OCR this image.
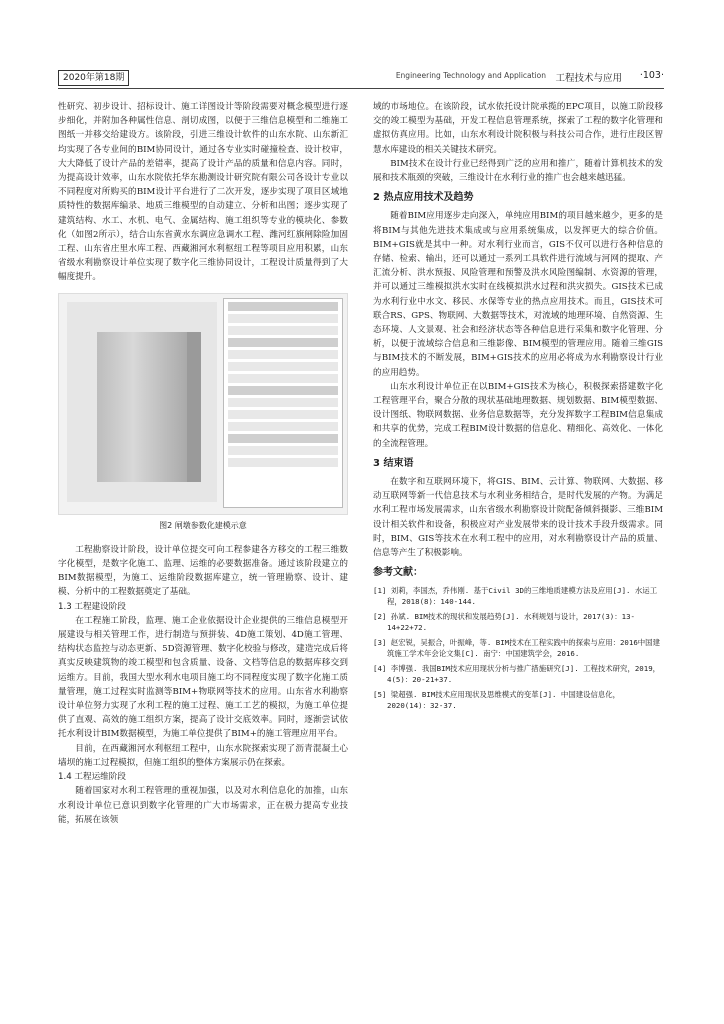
2020年第18期	Engineering Technology and Application 工程技术与应用 ·103·

性研究、初步设计、招标设计、施工详图设计等阶段需要对概念模型进行逐步细化，并附加各种属性信息、剖切成图，以便于三维信息模型和二维施工图纸一并移交给建设方。该阶段，引进三维设计软件的山东水院、山东新汇均实现了各专业间的BIM协同设计，通过各专业实时碰撞检查、设计校审，大大降低了设计产品的差错率，提高了设计产品的质量和信息内容。同时，为提高设计效率，山东水院依托华东勘测设计研究院有限公司各设计专业以不同程度对所购买的BIM设计平台进行了二次开发，逐步实现了项目区域地质特性的数据库编录、地质三维模型的自动建立、分析和出图；逐步实现了建筑结构、水工、水机、电气、金属结构、施工组织等专业的模块化、参数化（如图2所示），结合山东省黄水东调应急调水工程、潍河红旗闸除险加固工程、山东省庄里水库工程、西藏湘河水利枢纽工程等项目应用积累，山东省级水利勘察设计单位实现了数字化三维协同设计，工程设计质量得到了大幅度提升。

图2 闸墩参数化建模示意

工程勘察设计阶段，设计单位提交可向工程参建各方移交的工程三维数字化模型，是数字化施工、监理、运维的必要数据准备。通过该阶段建立的BIM数据模型，为施工、运维阶段数据库建立，统一管理勘察、设计、建模、分析中的工程数据奠定了基础。

1.3 工程建设阶段

在工程施工阶段，监理、施工企业依据设计企业提供的三维信息模型开展建设与相关管理工作，进行制造与预拼装、4D施工策划、4D施工管理、结构状态监控与动态更新、5D资源管理、数字化校验与修改，建造完成后将真实反映建筑物的竣工模型和包含质量、设备、文档等信息的数据库移交到运维方。目前，我国大型水利水电项目施工均不同程度实现了数字化施工质量管理，施工过程实时监测等BIM+物联网等技术的应用。山东省水利勘察设计单位努力实现了水利工程的施工过程、施工工艺的模拟，为施工单位提供了直观、高效的施工组织方案，提高了设计交底效率。同时，逐渐尝试依托水利设计BIM数据模型，为施工单位提供了BIM+的施工管理应用平台。

目前，在西藏湘河水利枢纽工程中，山东水院探索实现了沥青混凝土心墙坝的施工过程模拟，但施工组织的整体方案展示仍在探索。

1.4 工程运维阶段

随着国家对水利工程管理的重视加强，以及对水利信息化的加推，山东水利设计单位已意识到数字化管理的广大市场需求，正在极力提高专业技能，拓展在该领

域的市场地位。在该阶段，试水依托设计院承揽的EPC项目，以施工阶段移交的竣工模型为基础，开发工程信息管理系统，探索了工程的数字化管理和虚拟仿真应用。比如，山东水利设计院积极与科技公司合作，进行庄段区智慧水库建设的相关关键技术研究。

BIM技术在设计行业已经得到广泛的应用和推广，随着计算机技术的发展和技术瓶颈的突破，三维设计在水利行业的推广也会越来越迅猛。

2 热点应用技术及趋势

随着BIM应用逐步走向深入，单纯应用BIM的项目越来越少，更多的是将BIM与其他先进技术集成或与应用系统集成，以发挥更大的综合价值。BIM+GIS就是其中一种。对水利行业而言，GIS不仅可以进行各种信息的存储、检索、输出，还可以通过一系列工具软件进行流域与河网的提取、产汇流分析、洪水预报、风险管理和预警及洪水风险图编制、水资源的管理，并可以通过三维模拟洪水实时在线模拟洪水过程和洪灾损失。GIS技术已成为水利行业中水文、移民、水保等专业的热点应用技术。而且，GIS技术可联合RS、GPS、物联网、大数据等技术，对流域的地理环境、自然资源、生态环境、人文景观、社会和经济状态等各种信息进行采集和数字化管理、分析，以便于流域综合信息和三维影像、BIM模型的管理应用。随着三维GIS与BIM技术的不断发展，BIM+GIS技术的应用必将成为水利勘察设计行业的应用趋势。

山东水利设计单位正在以BIM+GIS技术为核心，积极探索搭建数字化工程管理平台，聚合分散的现状基础地理数据、规划数据、BIM模型数据、设计图纸、物联网数据、业务信息数据等，充分发挥数字工程BIM信息集成和共享的优势，完成工程BIM设计数据的信息化、精细化、高效化、一体化的全流程管理。

3 结束语

在数字和互联网环境下，将GIS、BIM、云计算、物联网、大数据、移动互联网等新一代信息技术与水利业务相结合，是时代发展的产物。为满足水利工程市场发展需求，山东省级水利勘察设计院配备倾斜摄影、三维BIM设计相关软件和设备，积极应对产业发展带来的设计技术手段升级需求。同时，BIM、GIS等技术在水利工程中的应用，对水利勘察设计产品的质量、信息等产生了积极影响。

参考文献：
[1] 刘莉，李国杰，乔伟刚. 基于Civil 3D的三维地质建模方法及应用[J]. 水运工程，2018(8)：140-144.
[2] 孙斌. BIM技术的现状和发展趋势[J]. 水利规划与设计，2017(3)：13-14+22+72.
[3] 赵宏锐，吴振合，叶振峰，等. BIM技术在工程实践中的探索与应用：2016中国建筑施工学术年会论文集[C]. 南宁：中国建筑学会，2016.
[4] 李博强. 我国BIM技术应用现状分析与推广措施研究[J]. 工程技术研究，2019，4(5)：20-21+37.
[5] 梁超强. BIM技术应用现状及思维模式的变革[J]. 中国建设信息化，2020(14)：32-37.
